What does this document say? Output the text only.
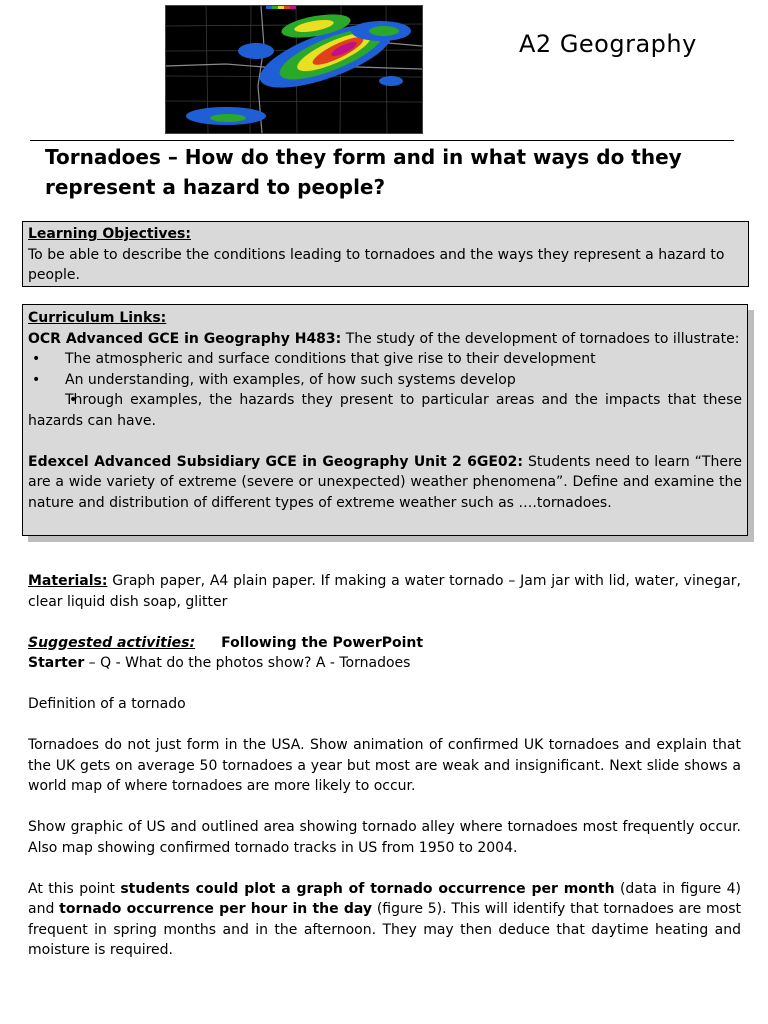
A2 Geography
Tornadoes – How do they form and in what ways do they represent a hazard to people?
Learning Objectives:
To be able to describe the conditions leading to tornadoes and the ways they represent a hazard to people.
Curriculum Links:
OCR Advanced GCE in Geography H483: The study of the development of tornadoes to illustrate:
• The atmospheric and surface conditions that give rise to their development
• An understanding, with examples, of how such systems develop
• Through examples, the hazards they present to particular areas and the impacts that these hazards can have.
Edexcel Advanced Subsidiary GCE in Geography Unit 2 6GE02: Students need to learn “There are a wide variety of extreme (severe or unexpected) weather phenomena”. Define and examine the nature and distribution of different types of extreme weather such as ….tornadoes.

Materials: Graph paper, A4 plain paper. If making a water tornado – Jam jar with lid, water, vinegar, clear liquid dish soap, glitter

Suggested activities: Following the PowerPoint

Starter – Q - What do the photos show? A - Tornadoes

Definition of a tornado

Tornadoes do not just form in the USA. Show animation of confirmed UK tornadoes and explain that the UK gets on average 50 tornadoes a year but most are weak and insignificant. Next slide shows a world map of where tornadoes are more likely to occur.

Show graphic of US and outlined area showing tornado alley where tornadoes most frequently occur. Also map showing confirmed tornado tracks in US from 1950 to 2004.

At this point students could plot a graph of tornado occurrence per month (data in figure 4) and tornado occurrence per hour in the day (figure 5). This will identify that tornadoes are most frequent in spring months and in the afternoon. They may then deduce that daytime heating and moisture is required.
